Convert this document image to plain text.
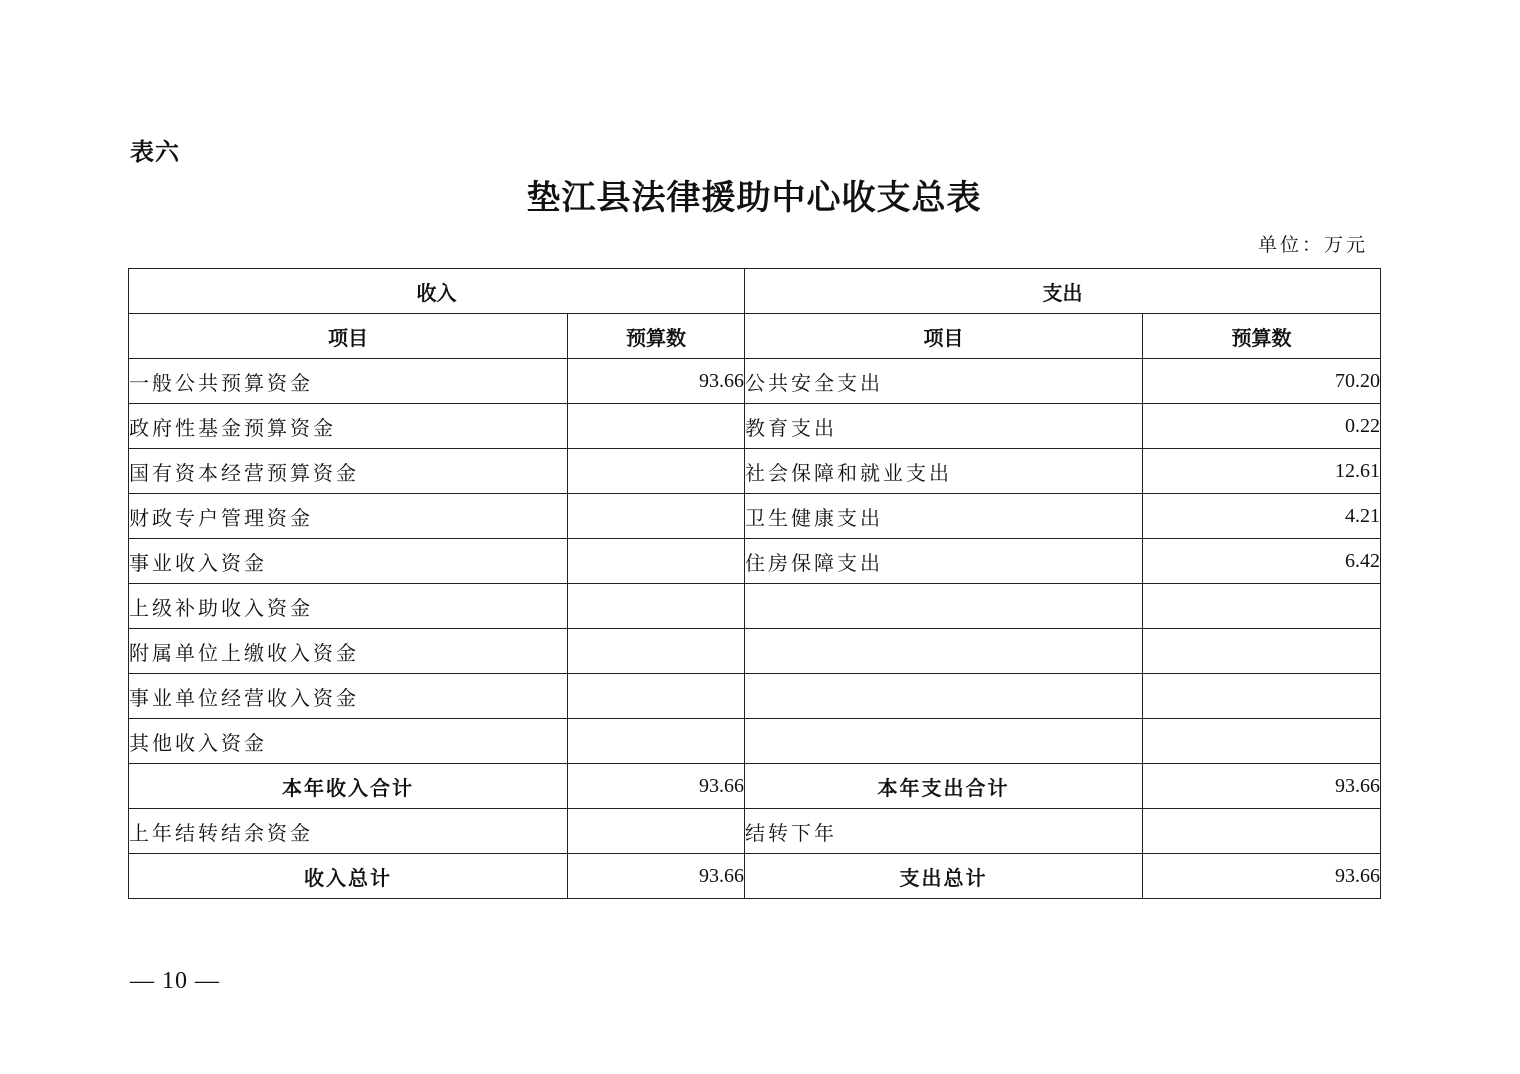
表六
垫江县法律援助中心收支总表
单位：万元
收入		支出	
项目	预算数	项目	预算数
一般公共预算资金	93.66	公共安全支出	70.20
政府性基金预算资金		教育支出	0.22
国有资本经营预算资金		社会保障和就业支出	12.61
财政专户管理资金		卫生健康支出	4.21
事业收入资金		住房保障支出	6.42
上级补助收入资金			
附属单位上缴收入资金			
事业单位经营收入资金			
其他收入资金			
本年收入合计	93.66	本年支出合计	93.66
上年结转结余资金		结转下年	
收入总计	93.66	支出总计	93.66
— 10 —
